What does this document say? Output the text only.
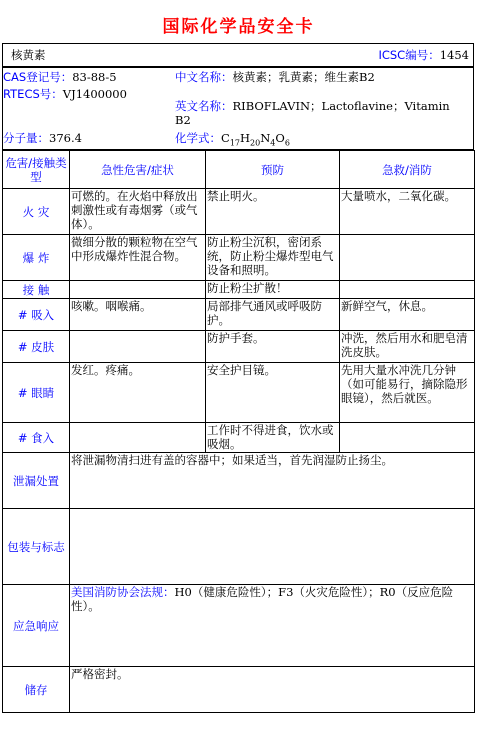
国际化学品安全卡
核黄素	ICSC编号：1454
CAS登记号：83-88-5
RTECS号：VJ1400000
中文名称：核黄素；乳黄素；维生素B2
英文名称：RIBOFLAVIN；Lactoflavine；Vitamin
B2
分子量：376.4	化学式：$C_{17}H_{20}N_4O_6$
危害/接触类型	急性危害/症状	预防	急救/消防
火 灾	可燃的。在火焰中释放出刺激性或有毒烟雾（或气体）。	禁止明火。	大量喷水，二氧化碳。
爆 炸	微细分散的颗粒物在空气中形成爆炸性混合物。	防止粉尘沉积，密闭系统，防止粉尘爆炸型电气设备和照明。	
接 触		防止粉尘扩散！	
# 吸入	咳嗽。咽喉痛。	局部排气通风或呼吸防护。	新鲜空气，休息。
# 皮肤		防护手套。	冲洗，然后用水和肥皂清洗皮肤。
# 眼睛	发红。疼痛。	安全护目镜。	先用大量水冲洗几分钟（如可能易行，摘除隐形眼镜），然后就医。
# 食入		工作时不得进食，饮水或吸烟。	
泄漏处置	将泄漏物清扫进有盖的容器中；如果适当，首先润湿防止扬尘。		
包装与标志			
应急响应	美国消防协会法规：H0（健康危险性）；F3（火灾危险性）；R0（反应危险性）。		
储存	严格密封。		
